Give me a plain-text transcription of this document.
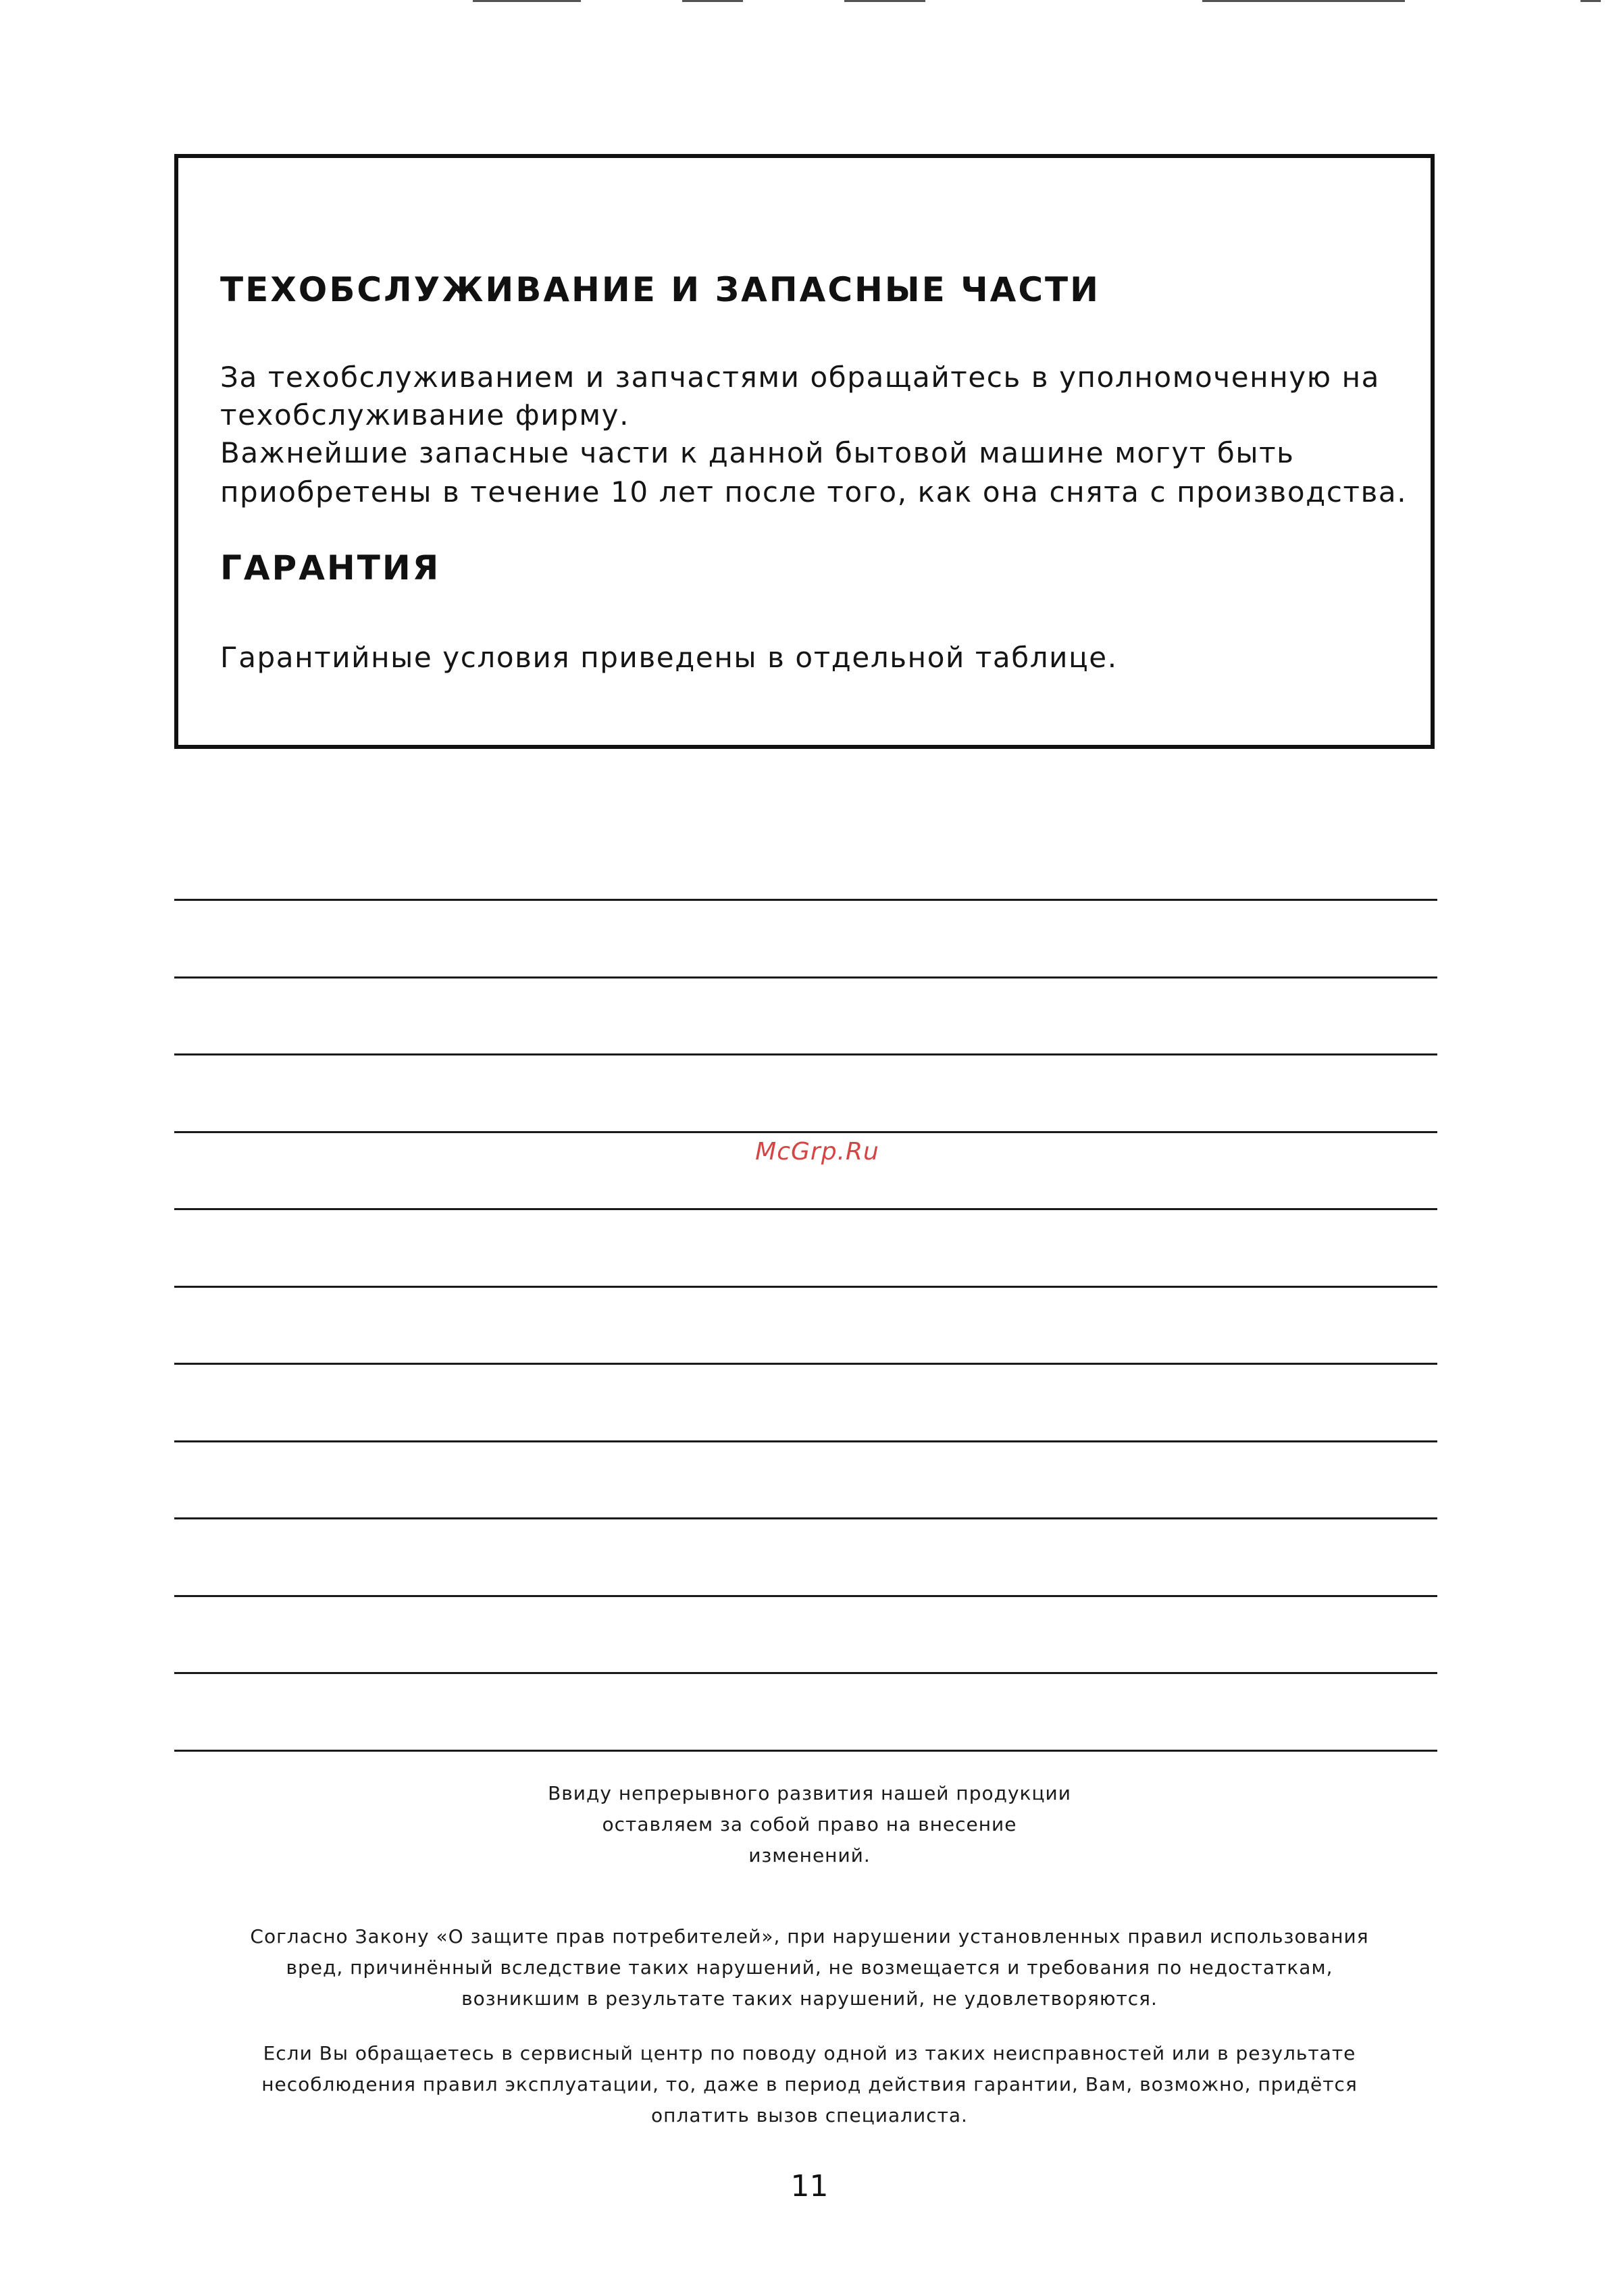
ТЕХОБСЛУЖИВАНИЕ И ЗАПАСНЫЕ ЧАСТИ

За техобслуживанием и запчастями обращайтесь в уполномоченную на

техобслуживание фирму.

Важнейшие запасные части к данной бытовой машине могут быть

приобретены в течение 10 лет после того, как она снята с производства.

ГАРАНТИЯ

Гарантийные условия приведены в отдельной таблице.

McGrp.Ru
Ввиду непрерывного развития нашей продукции
оставляем за собой право на внесение
изменений.
Согласно Закону «О защите прав потребителей», при нарушении установленных правил использования
вред, причинённый вследствие таких нарушений, не возмещается и требования по недостаткам,
возникшим в результате таких нарушений, не удовлетворяются.
Если Вы обращаетесь в сервисный центр по поводу одной из таких неисправностей или в результате
несоблюдения правил эксплуатации, то, даже в период действия гарантии, Вам, возможно, придётся
оплатить вызов специалиста.
11
